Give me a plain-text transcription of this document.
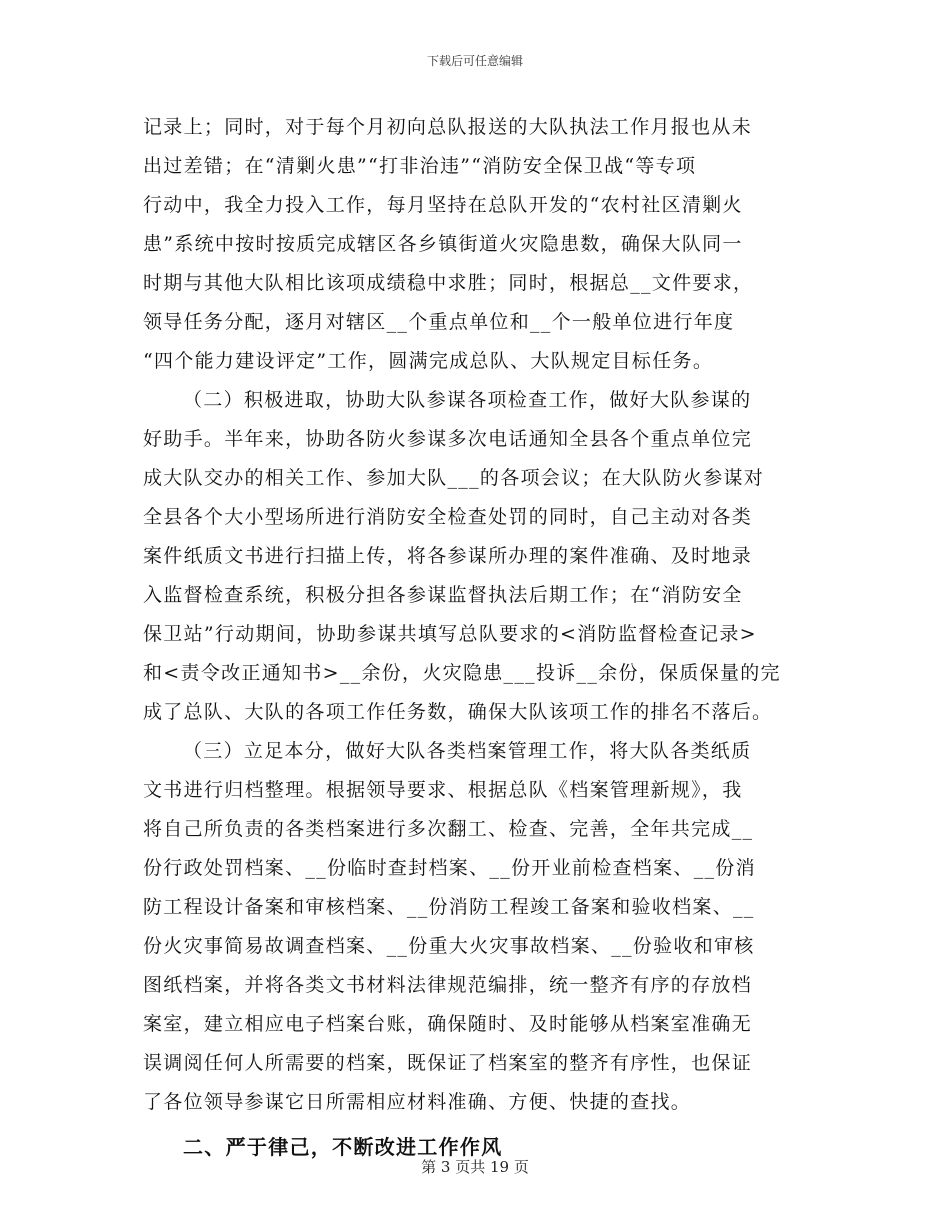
下载后可任意编辑
记录上；同时，对于每个月初向总队报送的大队执法工作月报也从未
出过差错；在“清剿火患”“打非治违”“消防安全保卫战“等专项
行动中，我全力投入工作，每月坚持在总队开发的“农村社区清剿火
患”系统中按时按质完成辖区各乡镇街道火灾隐患数，确保大队同一
时期与其他大队相比该项成绩稳中求胜；同时，根据总__文件要求，
领导任务分配，逐月对辖区__个重点单位和__个一般单位进行年度
“四个能力建设评定”工作，圆满完成总队、大队规定目标任务。
（二）积极进取，协助大队参谋各项检查工作，做好大队参谋的
好助手。半年来，协助各防火参谋多次电话通知全县各个重点单位完
成大队交办的相关工作、参加大队___的各项会议；在大队防火参谋对
全县各个大小型场所进行消防安全检查处罚的同时，自己主动对各类
案件纸质文书进行扫描上传，将各参谋所办理的案件准确、及时地录
入监督检查系统，积极分担各参谋监督执法后期工作；在“消防安全
保卫站”行动期间，协助参谋共填写总队要求的<消防监督检查记录>
和<责令改正通知书>__余份，火灾隐患___投诉__余份，保质保量的完
成了总队、大队的各项工作任务数，确保大队该项工作的排名不落后。
（三）立足本分，做好大队各类档案管理工作，将大队各类纸质
文书进行归档整理。根据领导要求、根据总队《档案管理新规》，我
将自己所负责的各类档案进行多次翻工、检查、完善，全年共完成__
份行政处罚档案、__份临时查封档案、__份开业前检查档案、__份消
防工程设计备案和审核档案、__份消防工程竣工备案和验收档案、__
份火灾事简易故调查档案、__份重大火灾事故档案、__份验收和审核
图纸档案，并将各类文书材料法律规范编排，统一整齐有序的存放档
案室，建立相应电子档案台账，确保随时、及时能够从档案室准确无
误调阅任何人所需要的档案，既保证了档案室的整齐有序性，也保证
了各位领导参谋它日所需相应材料准确、方便、快捷的查找。
二、严于律己，不断改进工作作风
第 3 页共 19 页
